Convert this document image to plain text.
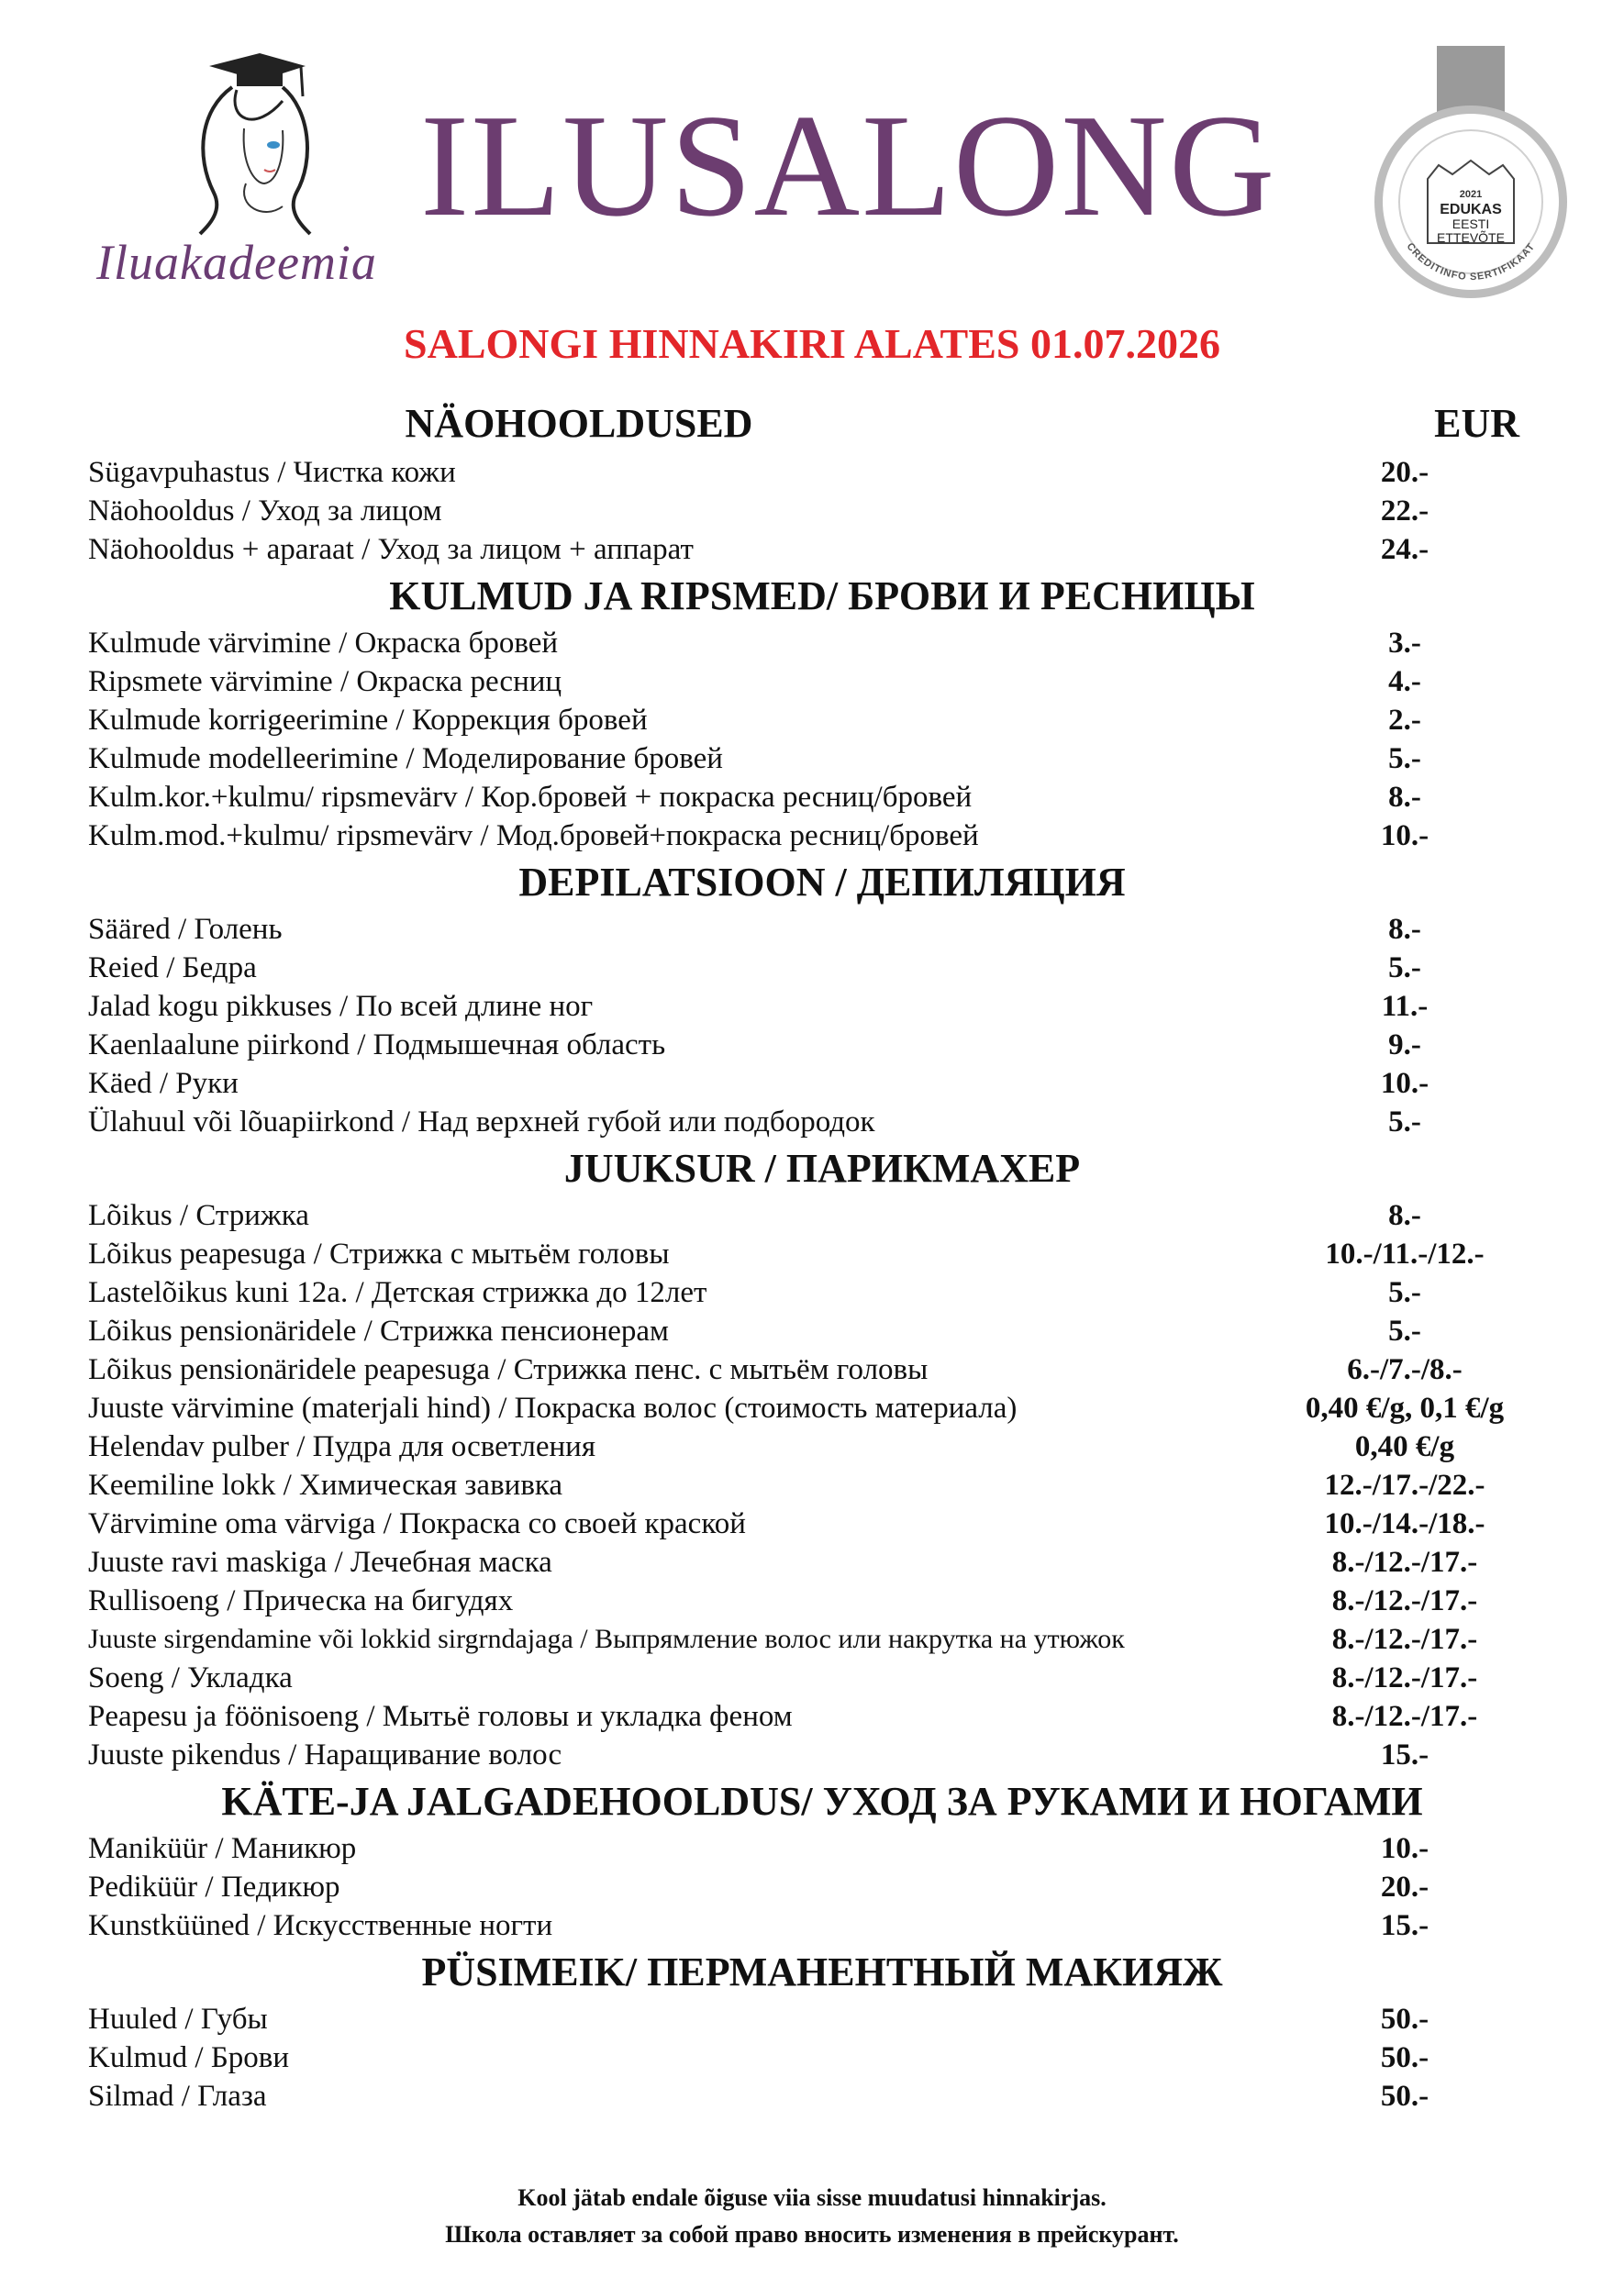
Iluakadeemia
ILUSALONG	2021
EDUKAS
EESTI
ETTEVÕTE
CREDITINFO SERTIFIKAAT
SALONGI HINNAKIRI ALATES 01.07.2026
NÄOHOOLDUSED	EUR
Sügavpuhastus / Чистка кожи	20.-
Näohooldus / Уход за лицом	22.-
Näohooldus + aparaat / Уход за лицом + аппарат	24.-
KULMUD JA RIPSMED/ БРОВИ И РЕСНИЦЫ
Kulmude värvimine / Окраска бровей	3.-
Ripsmete värvimine / Окраска ресниц	4.-
Kulmude korrigeerimine / Коррекция бровей	2.-
Kulmude modelleerimine / Моделирование бровей	5.-
Kulm.kor.+kulmu/ ripsmevärv / Кор.бровей + покраска ресниц/бровей	8.-
Kulm.mod.+kulmu/ ripsmevärv / Мод.бровей+покраска ресниц/бровей	10.-
DEPILATSIOON / ДЕПИЛЯЦИЯ
Sääred / Голень	8.-
Reied / Бедра	5.-
Jalad kogu pikkuses / По всей длине ног	11.-
Kaenlaalune piirkond / Подмышечная область	9.-
Käed / Руки	10.-
Ülahuul või lõuapiirkond / Над верхней губой или подбородок	5.-
JUUKSUR / ПАРИКМАХЕР
Lõikus / Стрижка	8.-
Lõikus peapesuga / Стрижка с мытьём головы	10.-/11.-/12.-
Lastelõikus kuni 12a. / Детская стрижка до 12лет	5.-
Lõikus pensionäridele / Стрижка пенсионерам	5.-
Lõikus pensionäridele peapesuga / Стрижка пенс. с мытьём головы	6.-/7.-/8.-
Juuste värvimine (materjali hind) / Покраска волос (стоимость материала)	0,40 €/g, 0,1 €/g
Helendav pulber / Пудра для осветления	0,40 €/g
Keemiline lokk / Химическая завивка	12.-/17.-/22.-
Värvimine oma värviga / Покраска со своей краской	10.-/14.-/18.-
Juuste ravi maskiga / Лечебная маска	8.-/12.-/17.-
Rullisoeng / Прическа на бигудях	8.-/12.-/17.-
Juuste sirgendamine või lokkid sirgrndajaga / Выпрямление волос или накрутка на утюжок	8.-/12.-/17.-
Soeng / Укладка	8.-/12.-/17.-
Peapesu ja föönisoeng / Мытьё головы и укладка феном	8.-/12.-/17.-
Juuste pikendus / Наращивание волос	15.-
KÄTE-JA JALGADEHOOLDUS/ УХОД ЗА РУКАМИ И НОГАМИ
Maniküür / Маникюр	10.-
Pediküür / Педикюр	20.-
Kunstküüned / Искусственные ногти	15.-
PÜSIMEIK/ ПЕРМАНЕНТНЫЙ МАКИЯЖ
Huuled / Губы	50.-
Kulmud / Брови	50.-
Silmad / Глаза	50.-
Kool jätab endale õiguse viia sisse muudatusi hinnakirjas.
Школа оставляет за собой право вносить изменения в прейскурант.
